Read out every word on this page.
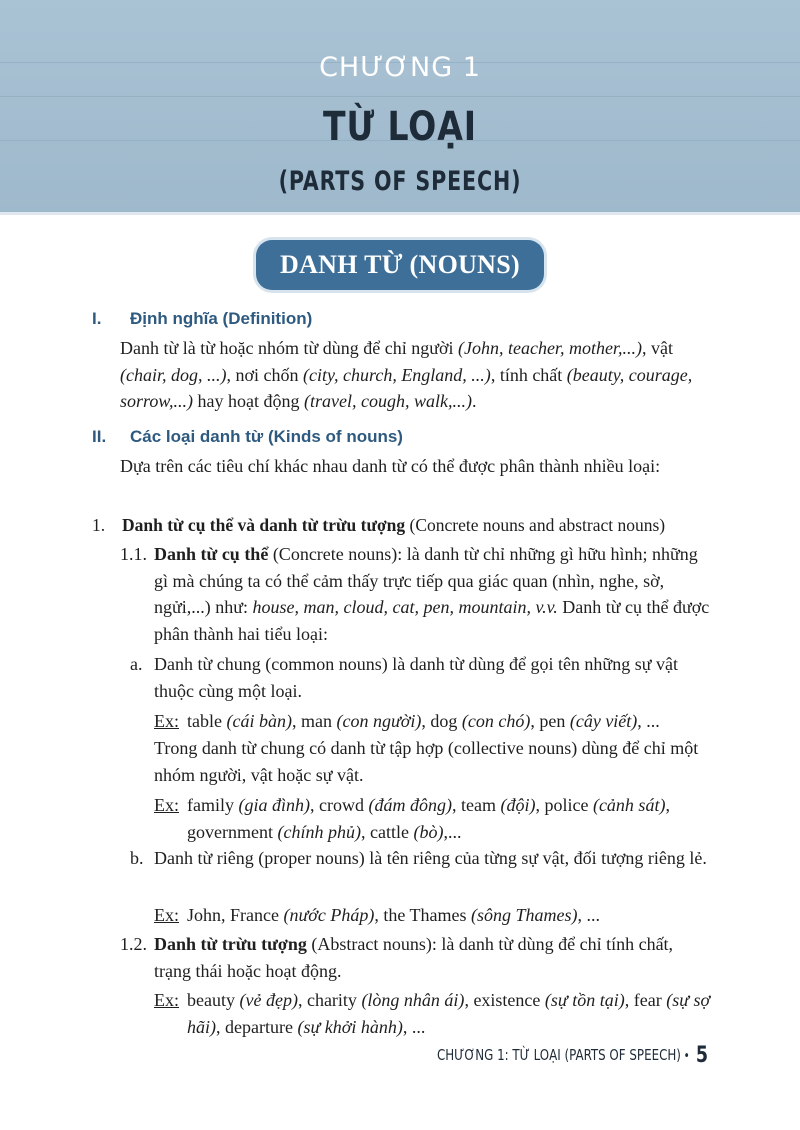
CHƯƠNG 1
TỪ LOẠI
(PARTS OF SPEECH)
DANH TỪ (NOUNS)
I. Định nghĩa (Definition)
Danh từ là từ hoặc nhóm từ dùng để chỉ người (John, teacher, mother,...), vật (chair, dog, ...), nơi chốn (city, church, England, ...), tính chất (beauty, courage, sorrow,...) hay hoạt động (travel, cough, walk,...).
II. Các loại danh từ (Kinds of nouns)
Dựa trên các tiêu chí khác nhau danh từ có thể được phân thành nhiều loại:
1. Danh từ cụ thể và danh từ trừu tượng (Concrete nouns and abstract nouns)
1.1. Danh từ cụ thể (Concrete nouns): là danh từ chỉ những gì hữu hình; những gì mà chúng ta có thể cảm thấy trực tiếp qua giác quan (nhìn, nghe, sờ, ngửi,...) như: house, man, cloud, cat, pen, mountain, v.v. Danh từ cụ thể được phân thành hai tiểu loại:
a. Danh từ chung (common nouns) là danh từ dùng để gọi tên những sự vật thuộc cùng một loại.
Ex: table (cái bàn), man (con người), dog (con chó), pen (cây viết), ...
Trong danh từ chung có danh từ tập hợp (collective nouns) dùng để chỉ một nhóm người, vật hoặc sự vật.
Ex: family (gia đình), crowd (đám đông), team (đội), police (cảnh sát), government (chính phủ), cattle (bò),...
b. Danh từ riêng (proper nouns) là tên riêng của từng sự vật, đối tượng riêng lẻ.
Ex: John, France (nước Pháp), the Thames (sông Thames), ...
1.2. Danh từ trừu tượng (Abstract nouns): là danh từ dùng để chỉ tính chất, trạng thái hoặc hoạt động.
Ex: beauty (vẻ đẹp), charity (lòng nhân ái), existence (sự tồn tại), fear (sự sợ hãi), departure (sự khởi hành), ...
CHƯƠNG 1: TỪ LOẠI (PARTS OF SPEECH) • 5
